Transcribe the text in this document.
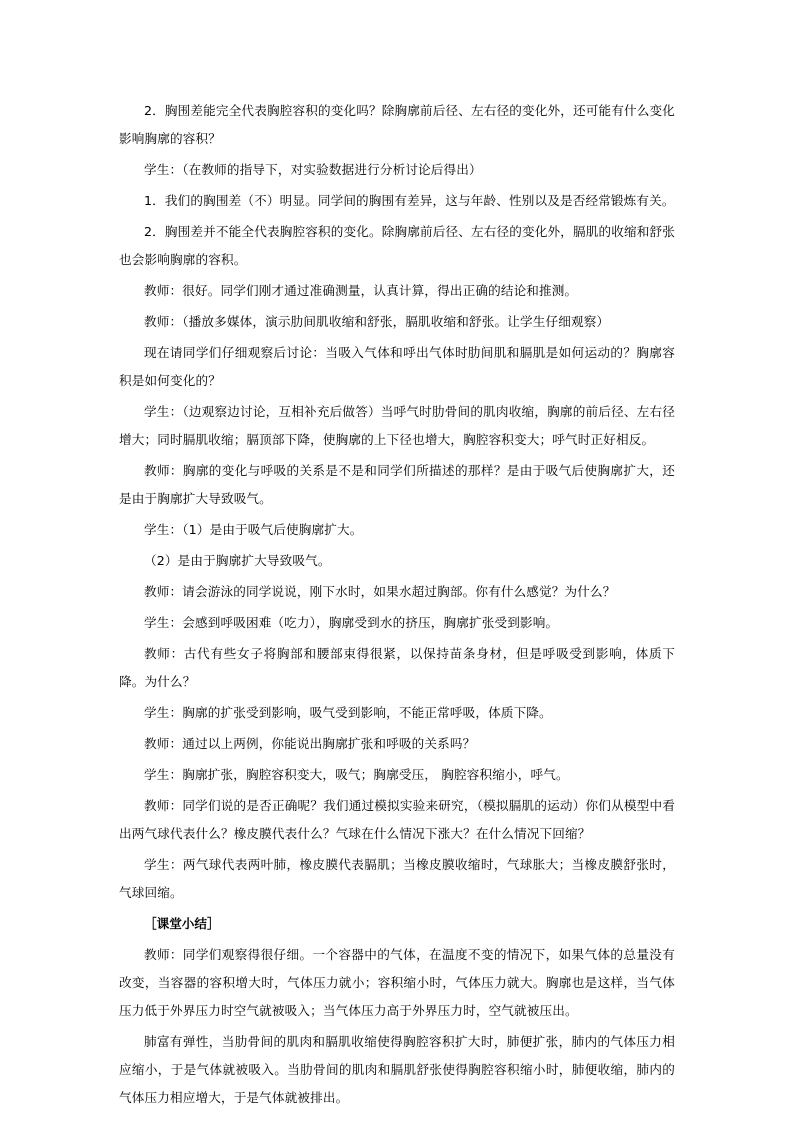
2．胸围差能完全代表胸腔容积的变化吗？除胸廓前后径、左右径的变化外，还可能有什么变化影响胸廓的容积？

学生：（在教师的指导下，对实验数据进行分析讨论后得出）

1．我们的胸围差（不）明显。同学间的胸围有差异，这与年龄、性别以及是否经常锻炼有关。

2．胸围差并不能全代表胸腔容积的变化。除胸廓前后径、左右径的变化外，膈肌的收缩和舒张也会影响胸廓的容积。

教师：很好。同学们刚才通过准确测量，认真计算，得出正确的结论和推测。

教师：（播放多媒体，演示肋间肌收缩和舒张，膈肌收缩和舒张。让学生仔细观察）

现在请同学们仔细观察后讨论：当吸入气体和呼出气体时肋间肌和膈肌是如何运动的？胸廓容积是如何变化的？

学生：（边观察边讨论，互相补充后做答）当呼气时肋骨间的肌肉收缩，胸廓的前后径、左右径增大；同时膈肌收缩；膈顶部下降，使胸廓的上下径也增大，胸腔容积变大；呼气时正好相反。

教师：胸廓的变化与呼吸的关系是不是和同学们所描述的那样？是由于吸气后使胸廓扩大，还是由于胸廓扩大导致吸气。

学生：（1）是由于吸气后使胸廓扩大。

（2）是由于胸廓扩大导致吸气。

教师：请会游泳的同学说说，刚下水时，如果水超过胸部。你有什么感觉？为什么？

学生：会感到呼吸困难（吃力），胸廓受到水的挤压，胸廓扩张受到影响。

教师：古代有些女子将胸部和腰部束得很紧，以保持苗条身材，但是呼吸受到影响，体质下降。为什么？

学生：胸廓的扩张受到影响，吸气受到影响，不能正常呼吸，体质下降。

教师：通过以上两例，你能说出胸廓扩张和呼吸的关系吗？

学生：胸廓扩张，胸腔容积变大，吸气；胸廓受压， 胸腔容积缩小，呼气。

教师：同学们说的是否正确呢？我们通过模拟实验来研究，（模拟膈肌的运动）你们从模型中看出两气球代表什么？橡皮膜代表什么？气球在什么情况下涨大？在什么情况下回缩？

学生：两气球代表两叶肺，橡皮膜代表膈肌；当橡皮膜收缩时，气球胀大；当橡皮膜舒张时，气球回缩。

［课堂小结］

教师：同学们观察得很仔细。一个容器中的气体，在温度不变的情况下，如果气体的总量没有改变，当容器的容积增大时，气体压力就小；容积缩小时，气体压力就大。胸廓也是这样，当气体压力低于外界压力时空气就被吸入；当气体压力高于外界压力时，空气就被压出。

肺富有弹性，当肋骨间的肌肉和膈肌收缩使得胸腔容积扩大时，肺便扩张，肺内的气体压力相应缩小，于是气体就被吸入。当肋骨间的肌肉和膈肌舒张使得胸腔容积缩小时，肺便收缩，肺内的气体压力相应增大，于是气体就被排出。
